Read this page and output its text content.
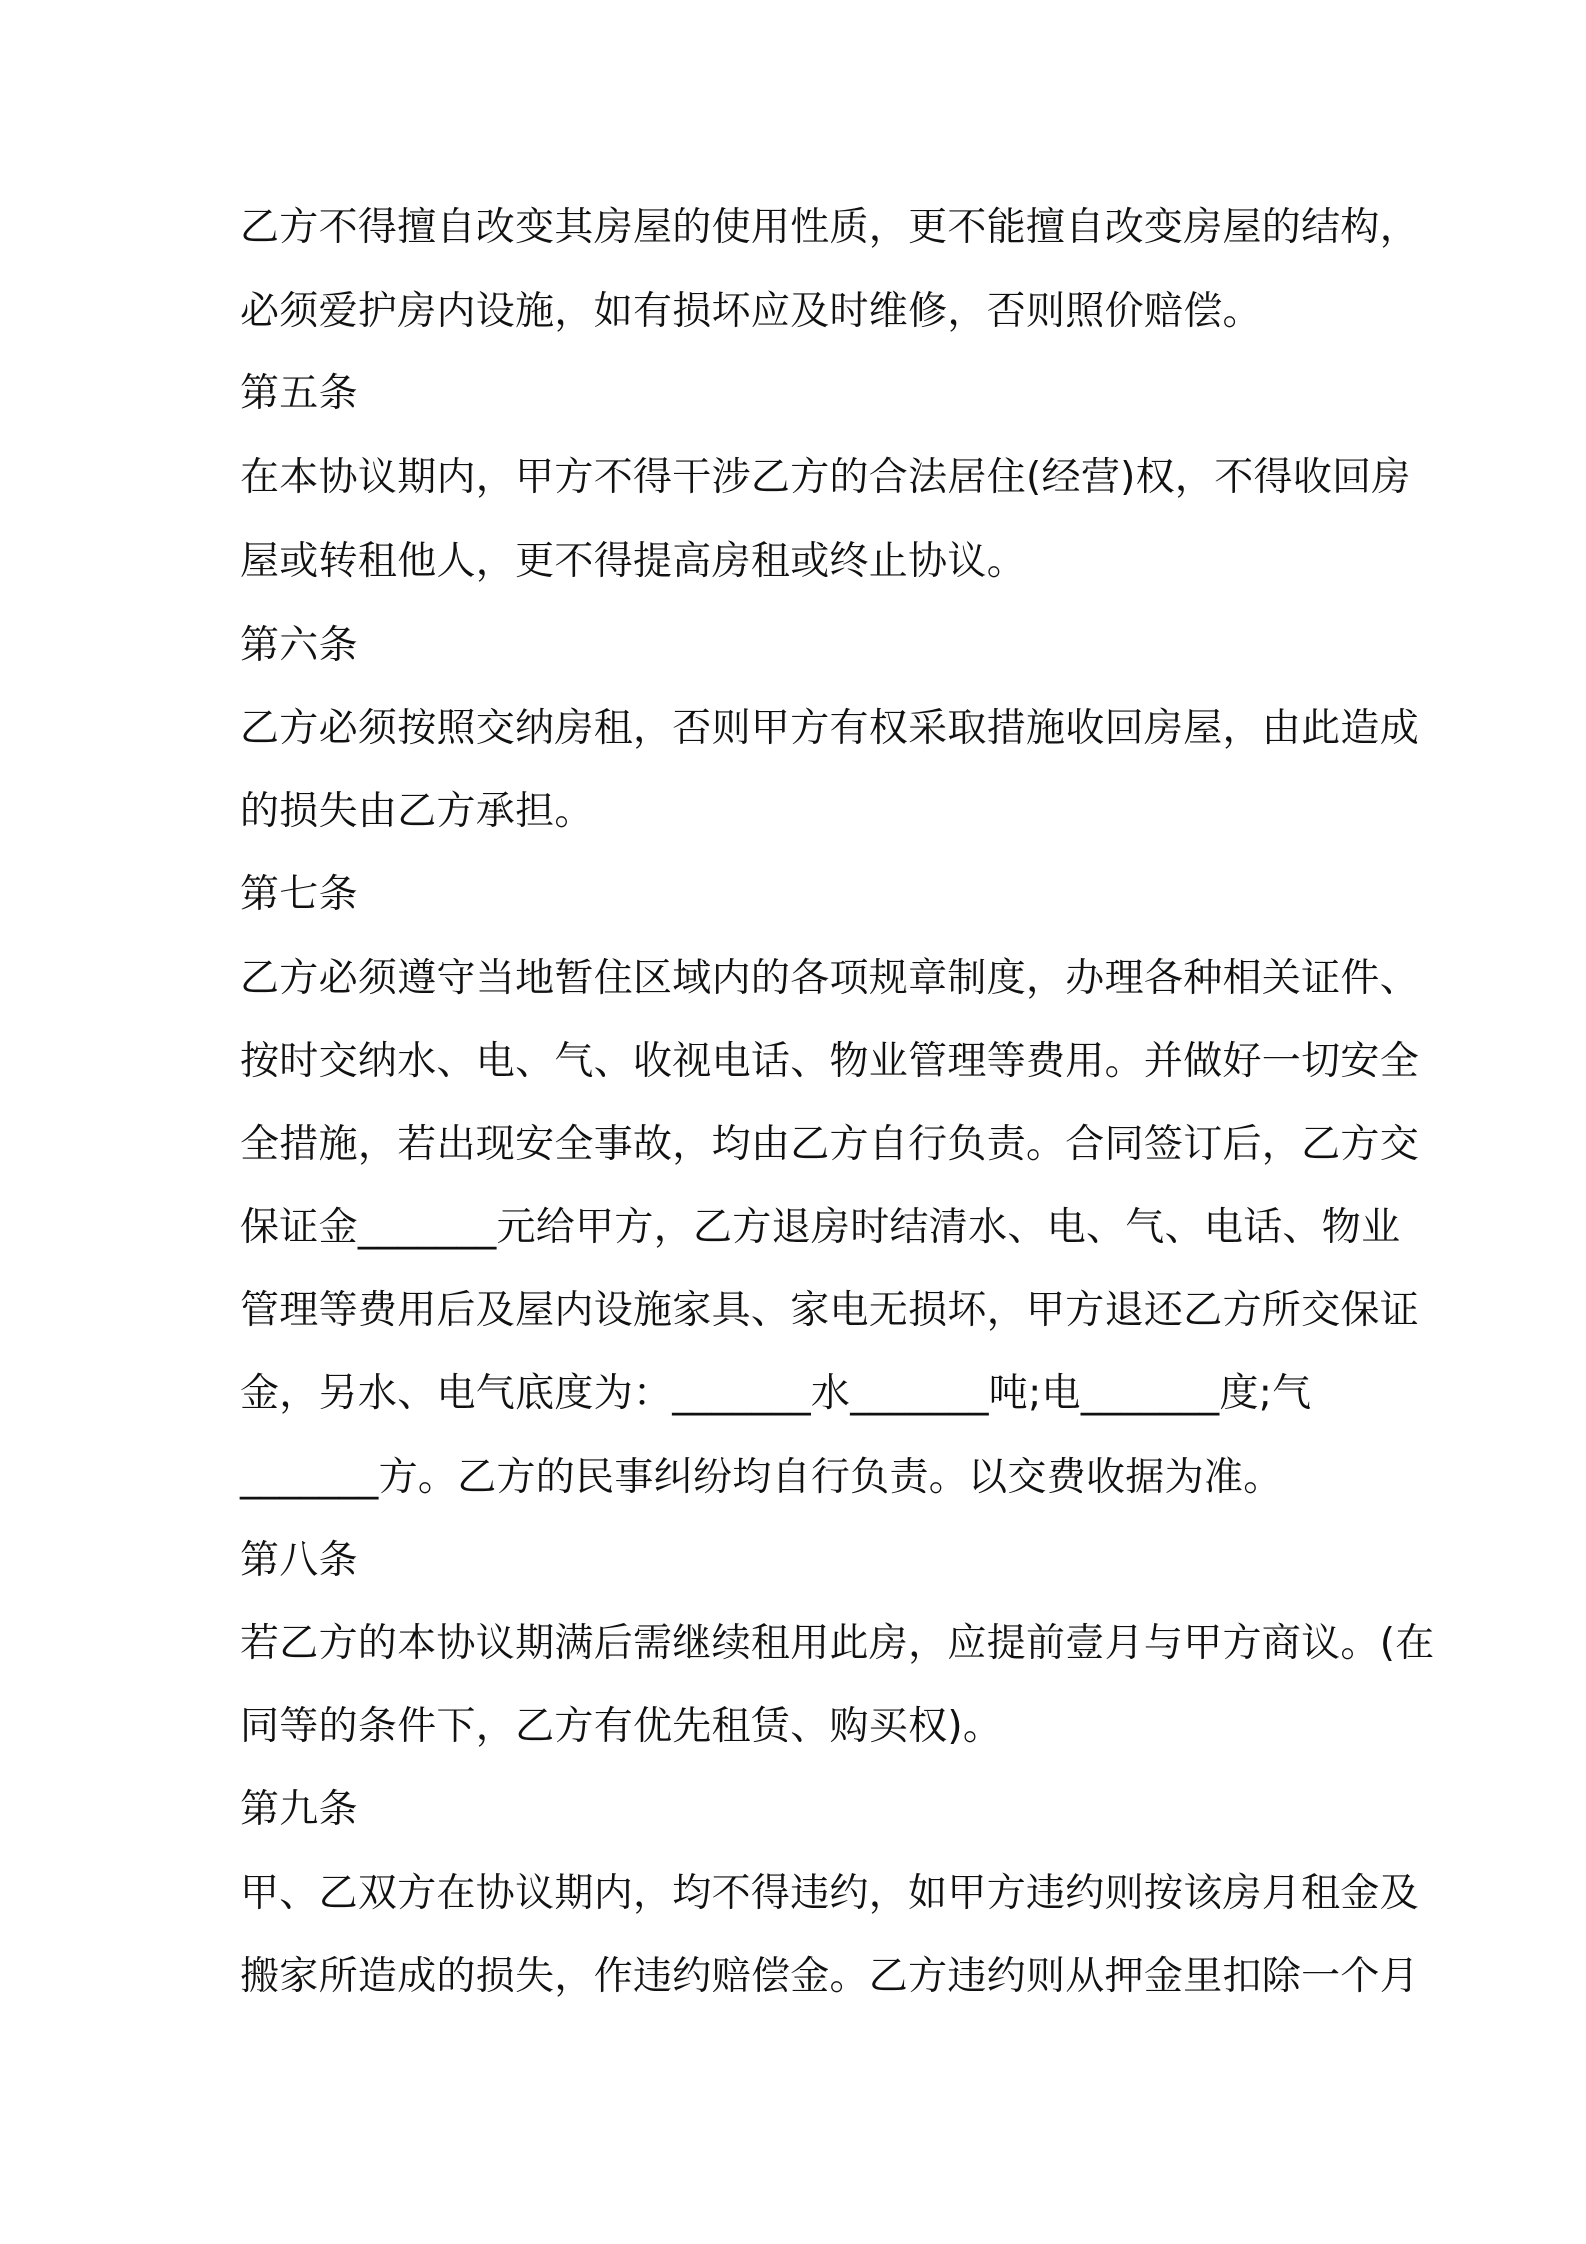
乙方不得擅自改变其房屋的使用性质，更不能擅自改变房屋的结构，

必须爱护房内设施，如有损坏应及时维修，否则照价赔偿。

第五条

在本协议期内，甲方不得干涉乙方的合法居住(经营)权，不得收回房

屋或转租他人，更不得提高房租或终止协议。

第六条

乙方必须按照交纳房租，否则甲方有权采取措施收回房屋，由此造成

的损失由乙方承担。

第七条

乙方必须遵守当地暂住区域内的各项规章制度，办理各种相关证件、

按时交纳水、电、气、收视电话、物业管理等费用。并做好一切安全

全措施，若出现安全事故，均由乙方自行负责。合同签订后，乙方交

保证金_______元给甲方，乙方退房时结清水、电、气、电话、物业

管理等费用后及屋内设施家具、家电无损坏，甲方退还乙方所交保证

金，另水、电气底度为：_______水_______吨;电_______度;气

_______方。乙方的民事纠纷均自行负责。以交费收据为准。

第八条

若乙方的本协议期满后需继续租用此房，应提前壹月与甲方商议。(在

同等的条件下，乙方有优先租赁、购买权)。

第九条

甲、乙双方在协议期内，均不得违约，如甲方违约则按该房月租金及

搬家所造成的损失，作违约赔偿金。乙方违约则从押金里扣除一个月
